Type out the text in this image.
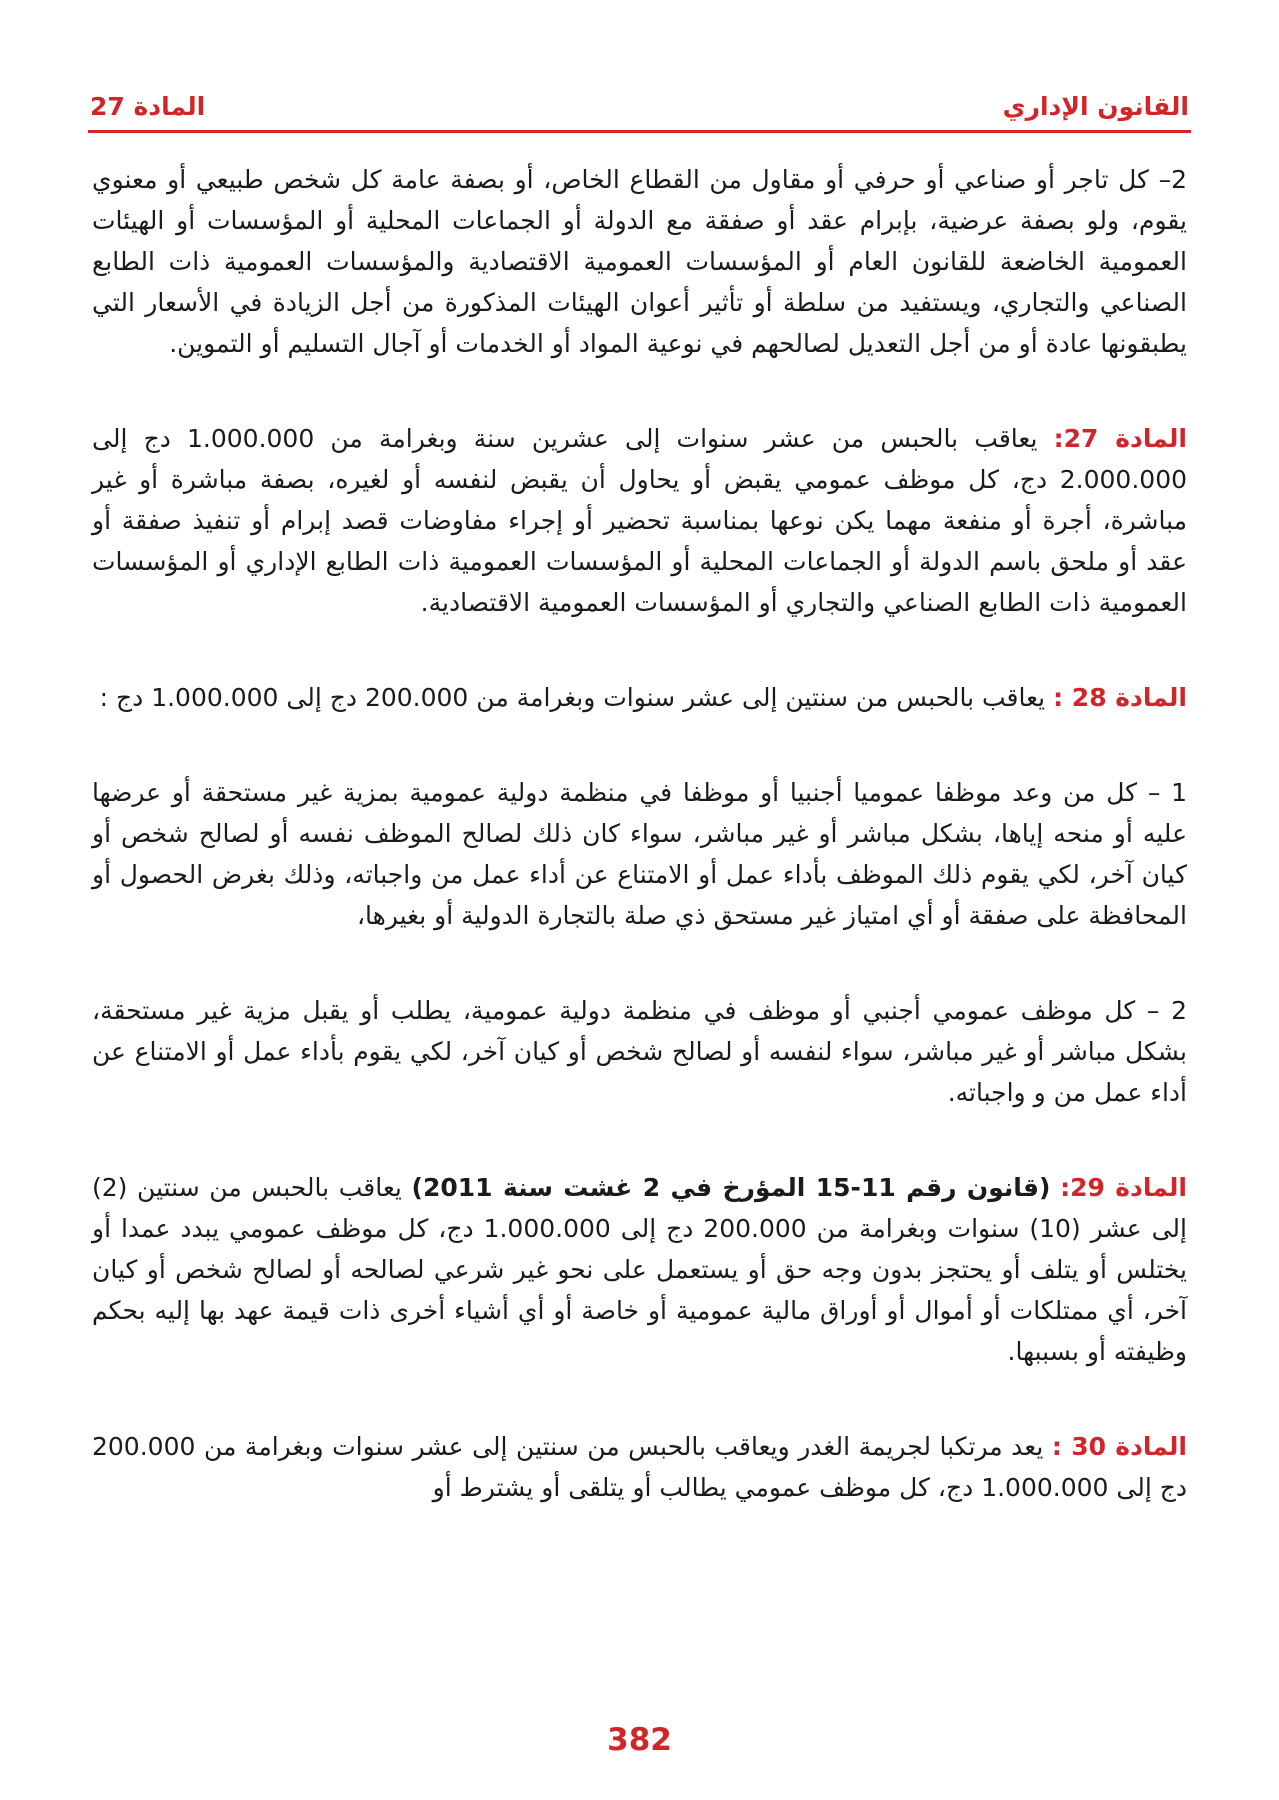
القانون الإداري
المادة 27

2– كل تاجر أو صناعي أو حرفي أو مقاول من القطاع الخاص، أو بصفة عامة كل شخص طبيعي أو معنوي يقوم، ولو بصفة عرضية، بإبرام عقد أو صفقة مع الدولة أو الجماعات المحلية أو المؤسسات أو الهيئات العمومية الخاضعة للقانون العام أو المؤسسات العمومية الاقتصادية والمؤسسات العمومية ذات الطابع الصناعي والتجاري، ويستفيد من سلطة أو تأثير أعوان الهيئات المذكورة من أجل الزيادة في الأسعار التي يطبقونها عادة أو من أجل التعديل لصالحهم في نوعية المواد أو الخدمات أو آجال التسليم أو التموين.

المادة 27: يعاقب بالحبس من عشر سنوات إلى عشرين سنة وبغرامة من 1.000.000 دج إلى 2.000.000 دج، كل موظف عمومي يقبض أو يحاول أن يقبض لنفسه أو لغيره، بصفة مباشرة أو غير مباشرة، أجرة أو منفعة مهما يكن نوعها بمناسبة تحضير أو إجراء مفاوضات قصد إبرام أو تنفيذ صفقة أو عقد أو ملحق باسم الدولة أو الجماعات المحلية أو المؤسسات العمومية ذات الطابع الإداري أو المؤسسات العمومية ذات الطابع الصناعي والتجاري أو المؤسسات العمومية الاقتصادية.

المادة 28 : يعاقب بالحبس من سنتين إلى عشر سنوات وبغرامة من 200.000 دج إلى 1.000.000 دج :

1 – كل من وعد موظفا عموميا أجنبيا أو موظفا في منظمة دولية عمومية بمزية غير مستحقة أو عرضها عليه أو منحه إياها، بشكل مباشر أو غير مباشر، سواء كان ذلك لصالح الموظف نفسه أو لصالح شخص أو كيان آخر، لكي يقوم ذلك الموظف بأداء عمل أو الامتناع عن أداء عمل من واجباته، وذلك بغرض الحصول أو المحافظة على صفقة أو أي امتياز غير مستحق ذي صلة بالتجارة الدولية أو بغيرها،

2 – كل موظف عمومي أجنبي أو موظف في منظمة دولية عمومية، يطلب أو يقبل مزية غير مستحقة، بشكل مباشر أو غير مباشر، سواء لنفسه أو لصالح شخص أو كيان آخر، لكي يقوم بأداء عمل أو الامتناع عن أداء عمل من و واجباته.

المادة 29: (قانون رقم 11-15 المؤرخ في 2 غشت سنة 2011) يعاقب بالحبس من سنتين (2) إلى عشر (10) سنوات وبغرامة من 200.000 دج إلى 1.000.000 دج، كل موظف عمومي يبدد عمدا أو يختلس أو يتلف أو يحتجز بدون وجه حق أو يستعمل على نحو غير شرعي لصالحه أو لصالح شخص أو كيان آخر، أي ممتلكات أو أموال أو أوراق مالية عمومية أو خاصة أو أي أشياء أخرى ذات قيمة عهد بها إليه بحكم وظيفته أو بسببها.

المادة 30 : يعد مرتكبا لجريمة الغدر ويعاقب بالحبس من سنتين إلى عشر سنوات وبغرامة من 200.000 دج إلى 1.000.000 دج، كل موظف عمومي يطالب أو يتلقى أو يشترط أو

382
